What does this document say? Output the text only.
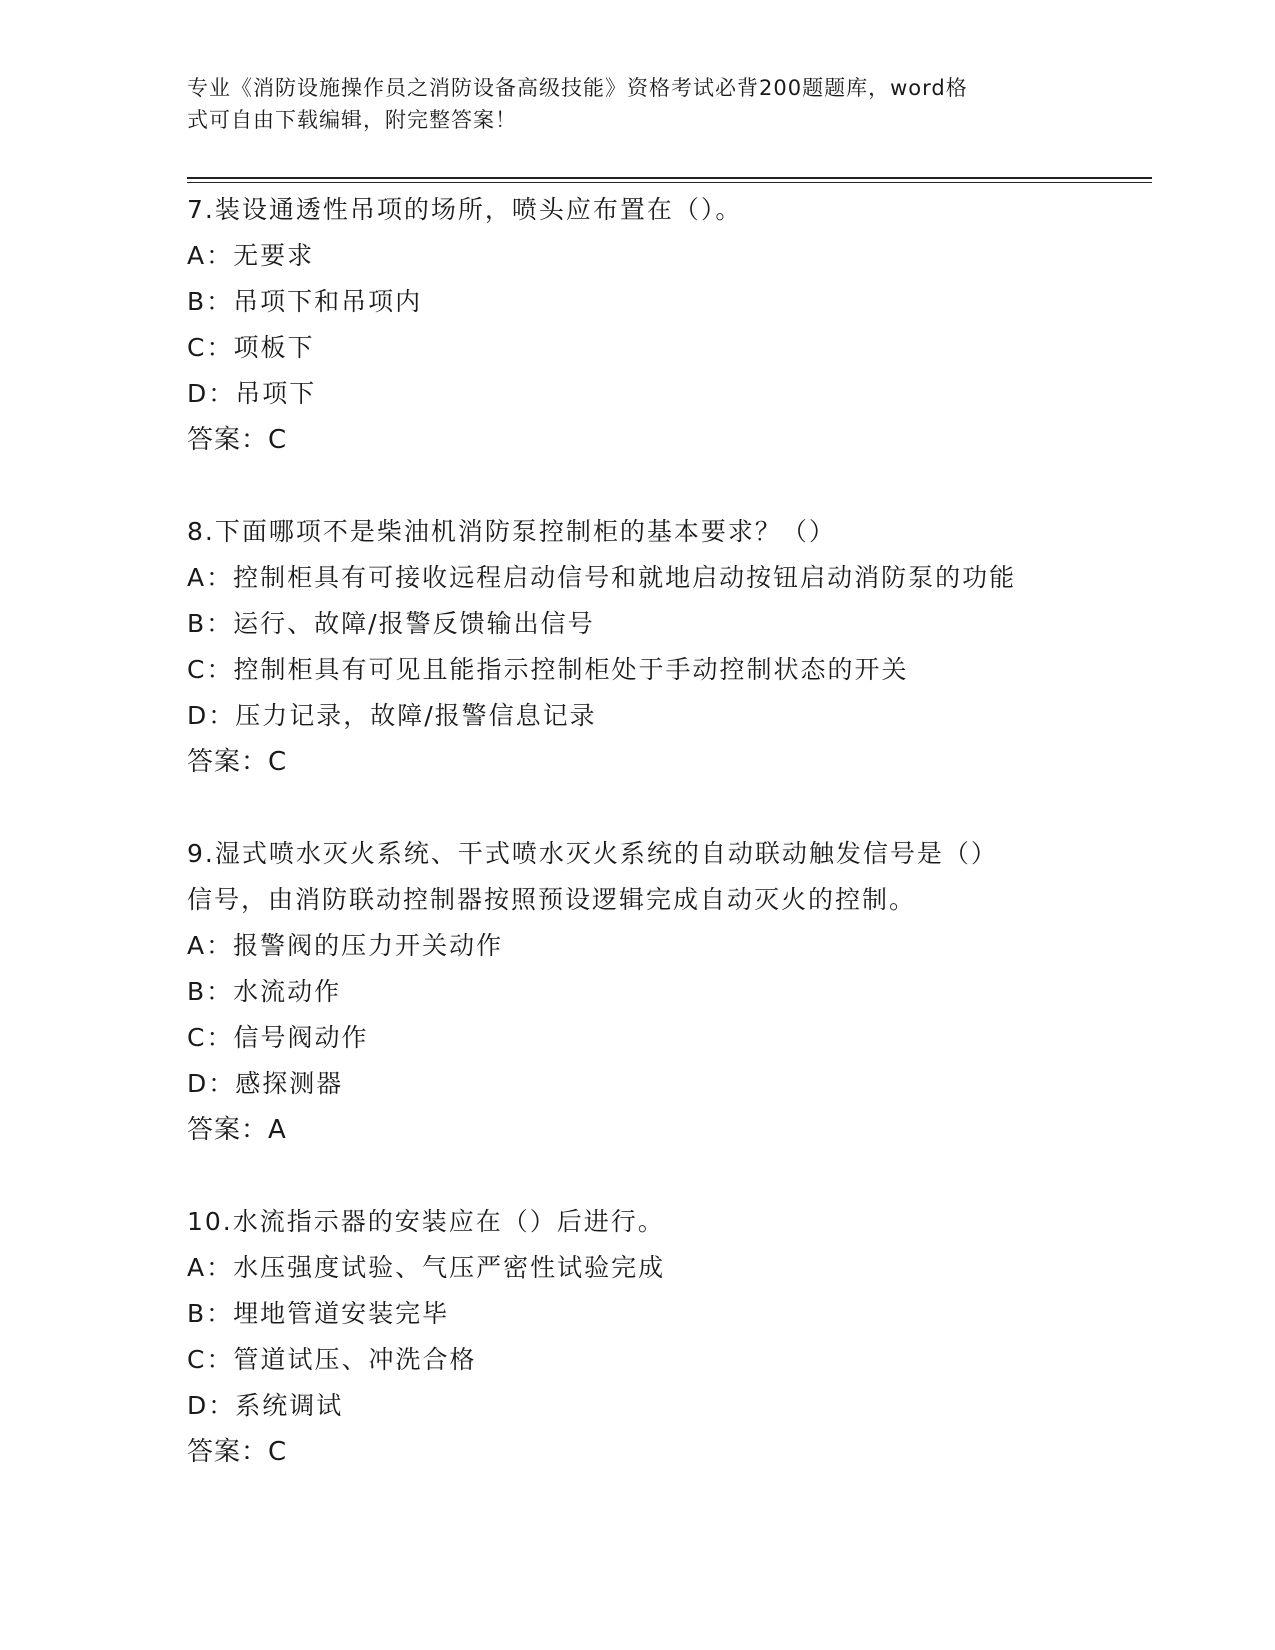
专业《消防设施操作员之消防设备高级技能》资格考试必背200题题库，word格
式可自由下载编辑，附完整答案！
7.装设通透性吊项的场所，喷头应布置在（）。
A：无要求
B：吊项下和吊项内
C：项板下
D：吊项下
答案：C
8.下面哪项不是柴油机消防泵控制柜的基本要求？（）
A：控制柜具有可接收远程启动信号和就地启动按钮启动消防泵的功能
B：运行、故障/报警反馈输出信号
C：控制柜具有可见且能指示控制柜处于手动控制状态的开关
D：压力记录，故障/报警信息记录
答案：C
9.湿式喷水灭火系统、干式喷水灭火系统的自动联动触发信号是（）
信号，由消防联动控制器按照预设逻辑完成自动灭火的控制。
A：报警阀的压力开关动作
B：水流动作
C：信号阀动作
D：感探测器
答案：A
10.水流指示器的安装应在（）后进行。
A：水压强度试验、气压严密性试验完成
B：埋地管道安装完毕
C：管道试压、冲洗合格
D：系统调试
答案：C
